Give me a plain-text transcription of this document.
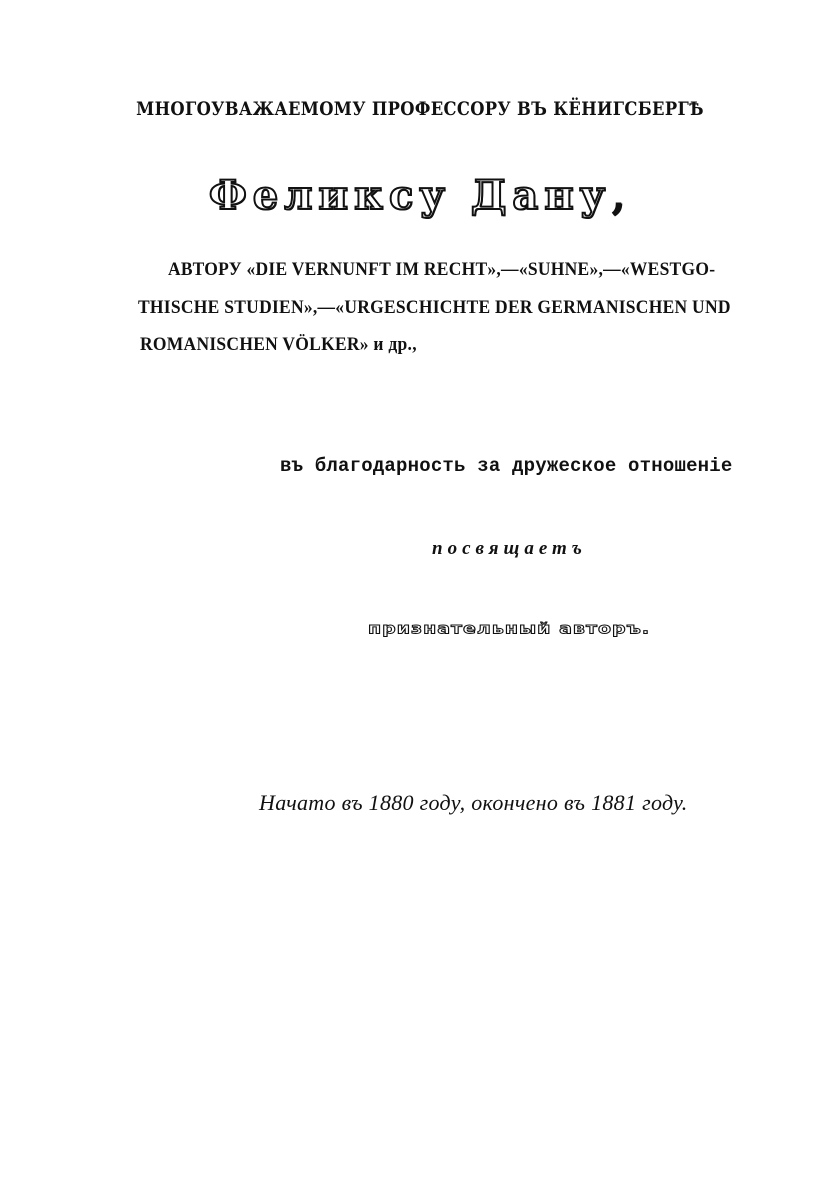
МНОГОУВАЖАЕМОМУ ПРОФЕССОРУ ВЪ КЁНИГСБЕРГѢ

Феликсу Дану,

АВТОРУ «DIE VERNUNFT IM RECHT»,—«SUHNE»,—«WESTGO-

THISCHE STUDIEN»,—«URGESCHICHTE DER GERMANISCHEN UND

ROMANISCHEN VÖLKER» и др.,

въ благодарность за дружеское отношеніе

посвящаетъ

признательный авторъ.

Начато въ 1880 году, окончено въ 1881 году.
